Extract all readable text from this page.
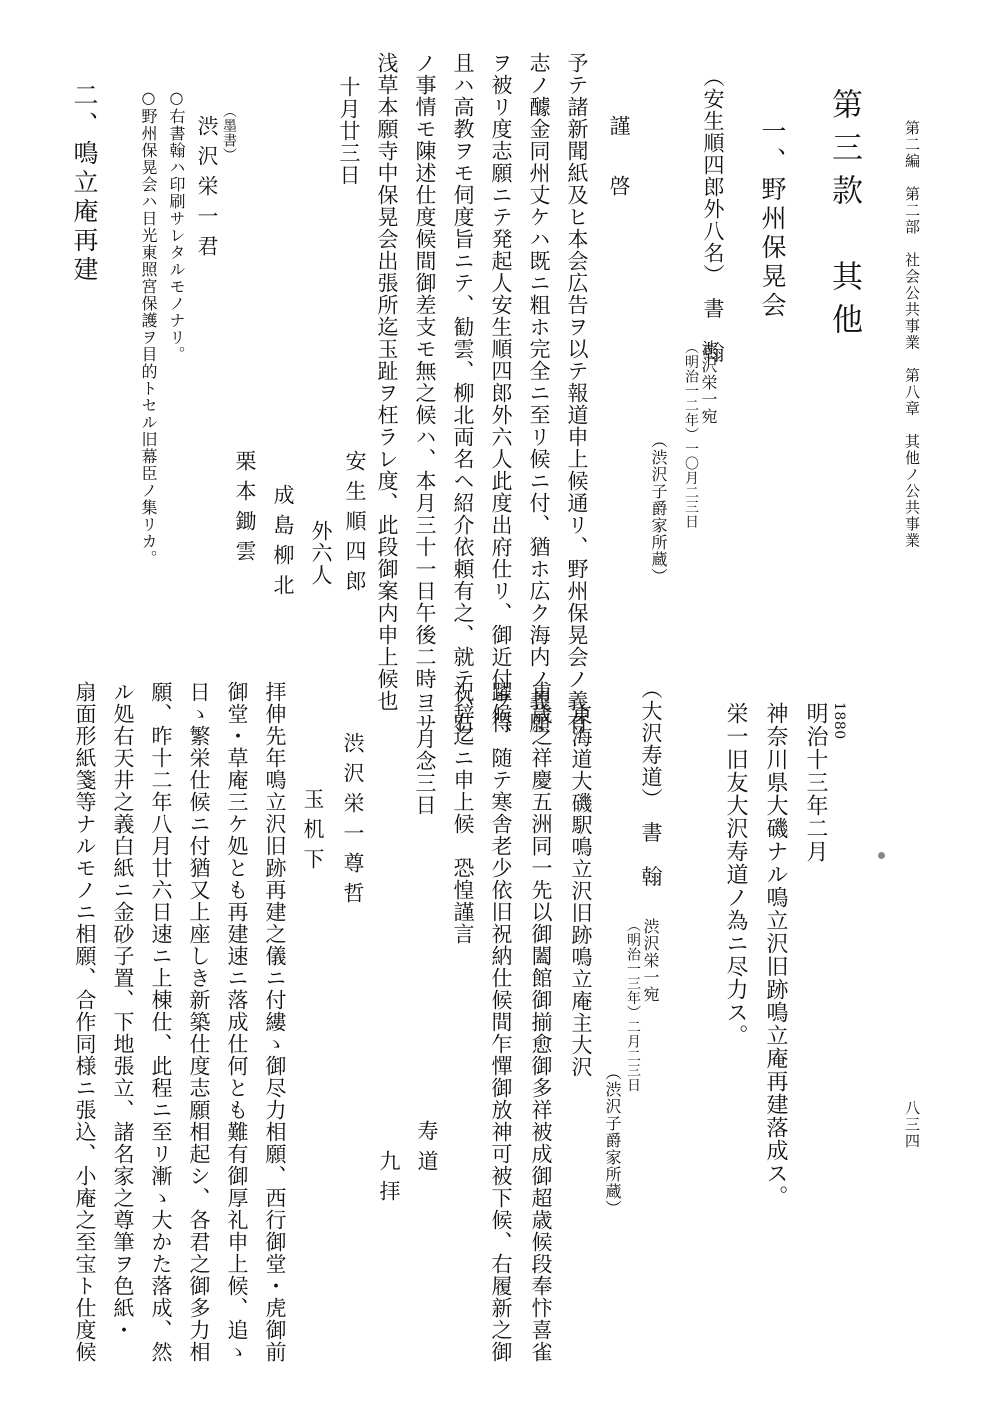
第二編　第二部　社会公共事業　第八章　其他ノ公共事業
八三四
第三款　其他
一、野州保晃会
（安生順四郎外八名）　書　翰
渋沢栄一宛
（明治一二年）一〇月二三日
（渋沢子爵家所蔵）
謹　啓
予テ諸新聞紙及ヒ本会広告ヲ以テ報道申上候通リ、野州保晃会ノ義有
志ノ醵金同州丈ケハ既ニ粗ホ完全ニ至リ候ニ付、猶ホ広ク海内ノ義願
ヲ被リ度志願ニテ発起人安生順四郎外六人此度出府仕リ、御近付ヲ得
且ハ高教ヲモ伺度旨ニテ、勧雲、柳北両名ヘ紹介依頼有之、就テハ右
ノ事情モ陳述仕度候間御差支モ無之候ハ、本月三十一日午後二時ヨリ
浅草本願寺中保晃会出張所迄玉趾ヲ枉ラレ度、此段御案内申上候也
十月廿三日
安生順四郎
外六人
成島柳北
栗本鋤雲
（墨書）
渋沢栄一君
○右書翰ハ印刷サレタルモノナリ。
○野州保晃会ハ日光東照宮保護ヲ目的トセル旧幕臣ノ集リカ。
二、鳴立庵再建
1880
明治十三年二月
神奈川県大磯ナル鳴立沢旧跡鳴立庵再建落成ス。
栄一旧友大沢寿道ノ為ニ尽力ス。
（大沢寿道）　書　翰
渋沢栄一宛
（明治一三年）二月二三日
（渋沢子爵家所蔵）
東海道大磯駅鳴立沢旧跡鳴立庵主大沢
甫歳之祥慶五洲同一先以御闔館御揃愈御多祥被成御超歳候段奉忭喜雀
躍候、随テ寒舎老少依旧祝納仕候間乍憚御放神可被下候、右履新之御
祝辞迄ニ申上候　恐惶謹言
二月念三日
寿道
九拝
渋沢栄一尊哲
玉机下
拝伸先年鳴立沢旧跡再建之儀ニ付縷ゝ御尽力相願、西行御堂・虎御前
御堂・草庵三ケ処とも再建速ニ落成仕何とも難有御厚礼申上候、追ゝ
日ゝ繁栄仕候ニ付猶又上座しき新築仕度志願相起シ、各君之御多力相
願、昨十二年八月廿六日速ニ上棟仕、此程ニ至リ漸ゝ大かた落成、然
ル処右天井之義白紙ニ金砂子置、下地張立、諸名家之尊筆ヲ色紙・
扇面形紙箋等ナルモノニ相願、合作同様ニ張込、小庵之至宝ト仕度候
